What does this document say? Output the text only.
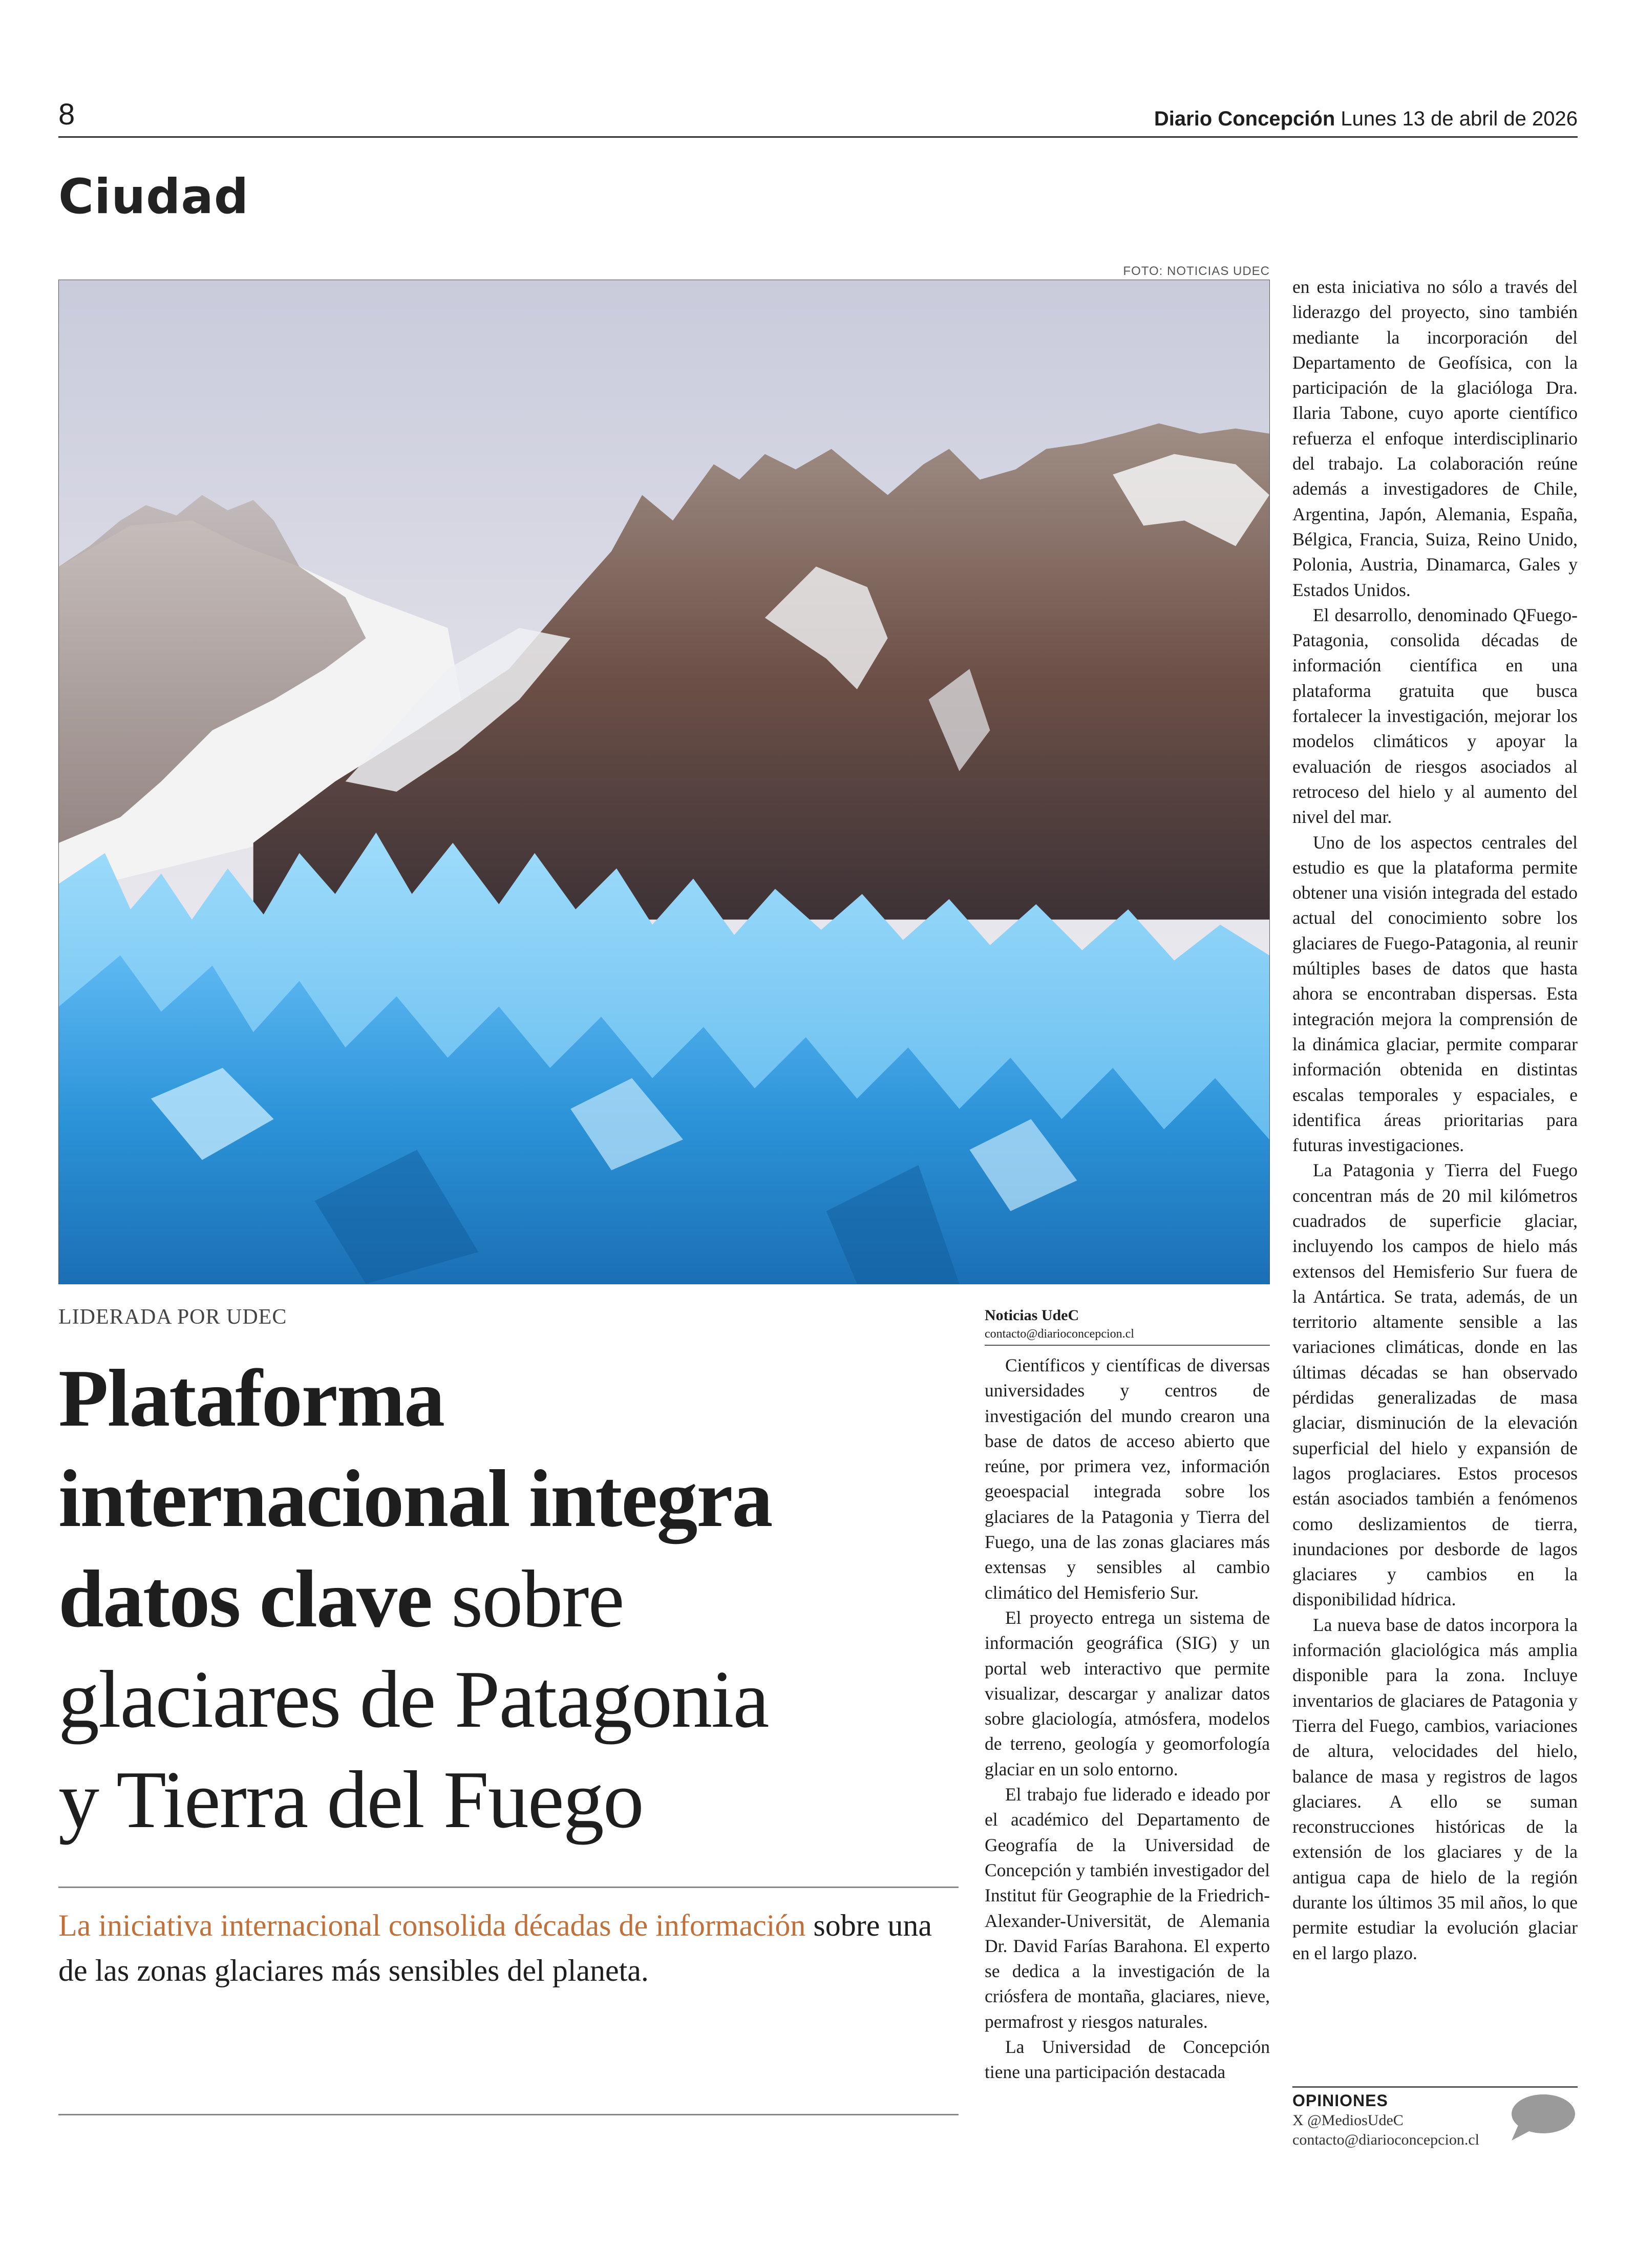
8	Diario Concepción Lunes 13 de abril de 2026
Ciudad
FOTO: NOTICIAS UDEC
LIDERADA POR UDEC
Plataforma
internacional integra
datos clave sobre
glaciares de Patagonia
y Tierra del Fuego
La iniciativa internacional consolida décadas de información sobre una de las zonas glaciares más sensibles del planeta.
Noticias UdeC
contacto@diarioconcepcion.cl

Científicos y científicas de diversas universidades y centros de investigación del mundo crearon una base de datos de acceso abierto que reúne, por primera vez, información geoespacial integrada sobre los glaciares de la Patagonia y Tierra del Fuego, una de las zonas glaciares más extensas y sensibles al cambio climático del Hemisferio Sur.

El proyecto entrega un sistema de información geográfica (SIG) y un portal web interactivo que permite visualizar, descargar y analizar datos sobre glaciología, atmósfera, modelos de terreno, geología y geomorfología glaciar en un solo entorno.

El trabajo fue liderado e ideado por el académico del Departamento de Geografía de la Universidad de Concepción y también investigador del Institut für Geographie de la Friedrich-Alexander-Universität, de Alemania Dr. David Farías Barahona. El experto se dedica a la investigación de la criósfera de montaña, glaciares, nieve, permafrost y riesgos naturales.

La Universidad de Concepción tiene una participación destacada

en esta iniciativa no sólo a través del liderazgo del proyecto, sino también mediante la incorporación del Departamento de Geofísica, con la participación de la glacióloga Dra. Ilaria Tabone, cuyo aporte científico refuerza el enfoque interdisciplinario del trabajo. La colaboración reúne además a investigadores de Chile, Argentina, Japón, Alemania, España, Bélgica, Francia, Suiza, Reino Unido, Polonia, Austria, Dinamarca, Gales y Estados Unidos.

El desarrollo, denominado QFuego-Patagonia, consolida décadas de información científica en una plataforma gratuita que busca fortalecer la investigación, mejorar los modelos climáticos y apoyar la evaluación de riesgos asociados al retroceso del hielo y al aumento del nivel del mar.

Uno de los aspectos centrales del estudio es que la plataforma permite obtener una visión integrada del estado actual del conocimiento sobre los glaciares de Fuego-Patagonia, al reunir múltiples bases de datos que hasta ahora se encontraban dispersas. Esta integración mejora la comprensión de la dinámica glaciar, permite comparar información obtenida en distintas escalas temporales y espaciales, e identifica áreas prioritarias para futuras investigaciones.

La Patagonia y Tierra del Fuego concentran más de 20 mil kilómetros cuadrados de superficie glaciar, incluyendo los campos de hielo más extensos del Hemisferio Sur fuera de la Antártica. Se trata, además, de un territorio altamente sensible a las variaciones climáticas, donde en las últimas décadas se han observado pérdidas generalizadas de masa glaciar, disminución de la elevación superficial del hielo y expansión de lagos proglaciares. Estos procesos están asociados también a fenómenos como deslizamientos de tierra, inundaciones por desborde de lagos glaciares y cambios en la disponibilidad hídrica.

La nueva base de datos incorpora la información glaciológica más amplia disponible para la zona. Incluye inventarios de glaciares de Patagonia y Tierra del Fuego, cambios, variaciones de altura, velocidades del hielo, balance de masa y registros de lagos glaciares. A ello se suman reconstrucciones históricas de la extensión de los glaciares y de la antigua capa de hielo de la región durante los últimos 35 mil años, lo que permite estudiar la evolución glaciar en el largo plazo.

OPINIONES
X @MediosUdeC
contacto@diarioconcepcion.cl
